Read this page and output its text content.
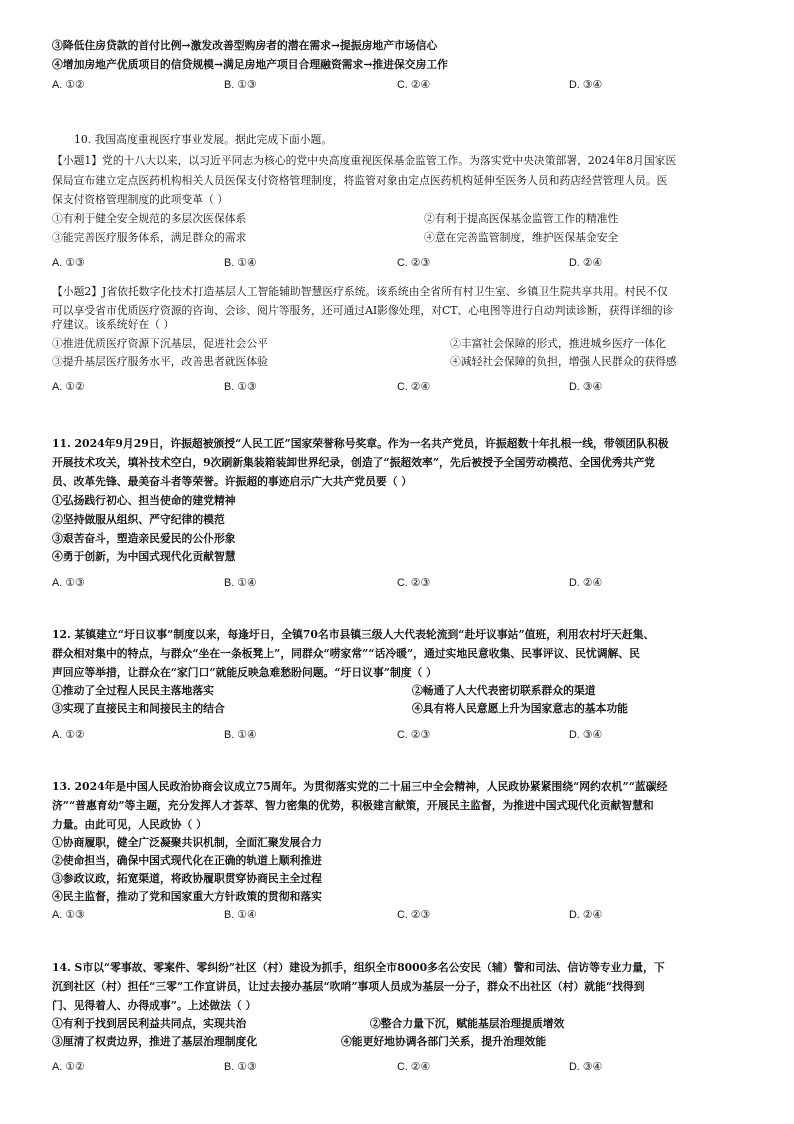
③降低住房贷款的首付比例→激发改善型购房者的潜在需求→提振房地产市场信心
④增加房地产优质项目的信贷规模→满足房地产项目合理融资需求→推进保交房工作
A. ①②	B. ①③	C. ②④	D. ③④
10. 我国高度重视医疗事业发展。据此完成下面小题。
【小题1】党的十八大以来，以习近平同志为核心的党中央高度重视医保基金监管工作。为落实党中央决策部署，2024年8月国家医
保局宣布建立定点医药机构相关人员医保支付资格管理制度，将监管对象由定点医药机构延伸至医务人员和药店经营管理人员。医
保支付资格管理制度的此项变革（ ）
①有利于健全安全规范的多层次医保体系	②有利于提高医保基金监管工作的精准性
③能完善医疗服务体系，满足群众的需求	④意在完善监管制度，维护医保基金安全
A. ①③	B. ①④	C. ②③	D. ②④
【小题2】J省依托数字化技术打造基层人工智能辅助智慧医疗系统。该系统由全省所有村卫生室、乡镇卫生院共享共用。村民不仅
可以享受省市优质医疗资源的咨询、会诊、阅片等服务，还可通过AI影像处理，对CT、心电图等进行自动判读诊断，获得详细的诊
疗建议。该系统好在（ ）
①推进优质医疗资源下沉基层，促进社会公平	②丰富社会保障的形式，推进城乡医疗一体化
③提升基层医疗服务水平，改善患者就医体验	④减轻社会保障的负担，增强人民群众的获得感
A. ①②	B. ①③	C. ②④	D. ③④
11. 2024年9月29日，许振超被颁授“人民工匠”国家荣誉称号奖章。作为一名共产党员，许振超数十年扎根一线，带领团队积极
开展技术攻关，填补技术空白，9次刷新集装箱装卸世界纪录，创造了“振超效率”，先后被授予全国劳动模范、全国优秀共产党
员、改革先锋、最美奋斗者等荣誉。许振超的事迹启示广大共产党员要（ ）
①弘扬践行初心、担当使命的建党精神
②坚持做服从组织、严守纪律的模范
③艰苦奋斗，塑造亲民爱民的公仆形象
④勇于创新，为中国式现代化贡献智慧
A. ①③	B. ①④	C. ②③	D. ②④
12. 某镇建立“圩日议事”制度以来，每逢圩日，全镇70名市县镇三级人大代表轮流到“赴圩议事站”值班，利用农村圩天赶集、
群众相对集中的特点，与群众“坐在一条板凳上”，同群众“唠家常”“话冷暖”，通过实地民意收集、民事评议、民忧调解、民
声回应等举措，让群众在“家门口”就能反映急难愁盼问题。“圩日议事”制度（ ）
①推动了全过程人民民主落地落实	②畅通了人大代表密切联系群众的渠道
③实现了直接民主和间接民主的结合	④具有将人民意愿上升为国家意志的基本功能
A. ①②	B. ①④	C. ②③	D. ③④
13. 2024年是中国人民政治协商会议成立75周年。为贯彻落实党的二十届三中全会精神，人民政协紧紧围绕“网约农机”“蓝碳经
济”“普惠育幼”等主题，充分发挥人才荟萃、智力密集的优势，积极建言献策，开展民主监督，为推进中国式现代化贡献智慧和
力量。由此可见，人民政协（ ）
①协商履职，健全广泛凝聚共识机制，全面汇聚发展合力
②使命担当，确保中国式现代化在正确的轨道上顺利推进
③参政议政，拓宽渠道，将政协履职贯穿协商民主全过程
④民主监督，推动了党和国家重大方针政策的贯彻和落实
A. ①③	B. ①④	C. ②③	D. ②④
14. S市以“零事故、零案件、零纠纷”社区（村）建设为抓手，组织全市8000多名公安民（辅）警和司法、信访等专业力量，下
沉到社区（村）担任“三零”工作宣讲员，让过去接办基层“吹哨”事项人员成为基层一分子，群众不出社区（村）就能“找得到
门、见得着人、办得成事”。上述做法（ ）
①有利于找到居民利益共同点，实现共治	②整合力量下沉，赋能基层治理提质增效
③厘清了权责边界，推进了基层治理制度化	④能更好地协调各部门关系，提升治理效能
A. ①②	B. ①③	C. ②④	D. ③④
